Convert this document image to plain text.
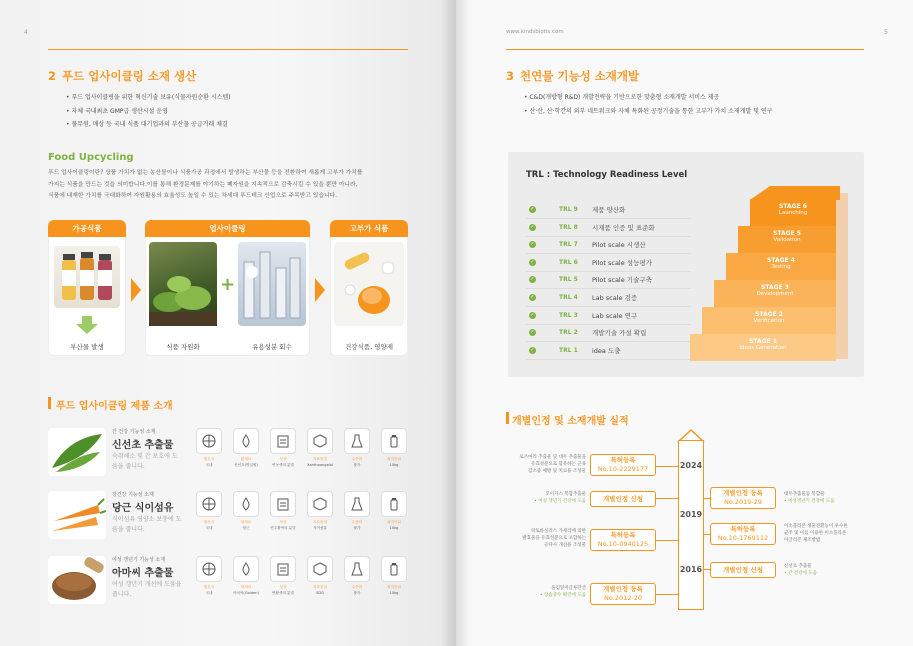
4
2 푸드 업사이클링 소재 생산
• 푸드 업사이클링을 위한 혁신기술 보유(식물자원순환 시스템)
• 자체 국내최초 GMP급 생산시설 운영
• 풀무원, 매상 등 국내 식품 대기업과의 부산물 공급거래 체결
Food Upcycling
푸드 업사이클링이란? 상품 가치가 없는 농산물이나 식품가공 과정에서 발생하는 부산물 등을 전환하여 새롭게 고부가 가치를
가지는 식품을 만드는 것을 의미합니다.이를 통해 환경문제를 야기하는 폐자원을 지속적으로 감축시킬 수 있을 뿐만 아니라,
식품에 내재한 가치를 극대화하여 자원활용의 효율성도 높일 수 있는 차세대 푸드테크 산업으로 주목받고 있습니다.
가공식품
부산물 발생
업사이클링
+
식품 자원화	유용성분 회수
고부가 식품
건강식품, 영양제
푸드 업사이클링 제품 소개
간 건강 기능성 소재
신선초 추출물
숙취해소 및 간 보호에 도움을 줍니다.
장건강 기능성 소재
당근 식이섬유
식이섬유 영양소 보충에 도움을 줍니다.
여성 갱년기 기능성 소재
아마씨 추출물
여성 갱년기 개선에 도움을 줍니다.
원산지
국내
원재료
신선초(명일엽)
성상
연녹색의 분말
지표물질
Xanthoangelol
수용화
불가
최저단위
10kg
원산지
국내
원재료
당근
성상
연주황색의 분말
지표물질
식이섬유
수용화
불가
최저단위
10kg
원산지
국내
원재료
아마씨(Golden)
성상
연황색의 분말
지표물질
SDG
수용화
불가
최저단위
10kg
www.kindsbiotis.com	5
3 천연물 기능성 소재개발
• C&D(개방형 R&D) 개발전략을 기반으로한 맞춤형 소재개발 서비스 제공
• 산·산, 산·학간의 외부 네트워크와 자체 특화된 공정기술을 통한 고부가 가치 소재개발 및 연구
TRL : Technology Readiness Level
✓	TRL 9 제품 양산화
✓	TRL 8 시제품 인증 및 표준화
✓	TRL 7 Pilot scale 시생산
✓	TRL 6 Pilot scale 성능평가
✓	TRL 5 Pilot scale 기술구축
✓	TRL 4 Lab scale 검증
✓	TRL 3 Lab scale 연구
✓	TRL 2 개발기술 가설 확립
✓	TRL 1 idea 도출
STAGE 6
Launching
STAGE 5
Validation
STAGE 4
Testing
STAGE 3
Development
STAGE 2
Verification
STAGE 1
Ideas Generation
개별인정 및 소재개발 실적
2024
2019
2016
로즈마리 추출물 및 대두 추출물을
유효성분으로 함유하는 근육
감소증 예방 및 치료용 조성물
특허등록
No.10-2229177
모이자스 복합추출물
• 여성 갱년기 건강에 도움	개별인정 신청
개별인정 등록
No.2019-29
대두추출물등 복합물
• 여성갱년기 건강에 도움
락토바실러스 가세리에 의한
발효물을 유효성분으로 포함하는
골다사 개선용 조성물
특허등록
No.10-0940125
특허등록
No.10-1769112
이소플라본 생물전환능이 우수한
균주 및 이를 이용한 이소플라본
아글리콘 제조방법
개별인정 신청	신선초 추출물
• 간 건강에 도움
돌김잎미글루탄산
• 장습증수 확진에 도움
개별인정 등록
No.2012-20
